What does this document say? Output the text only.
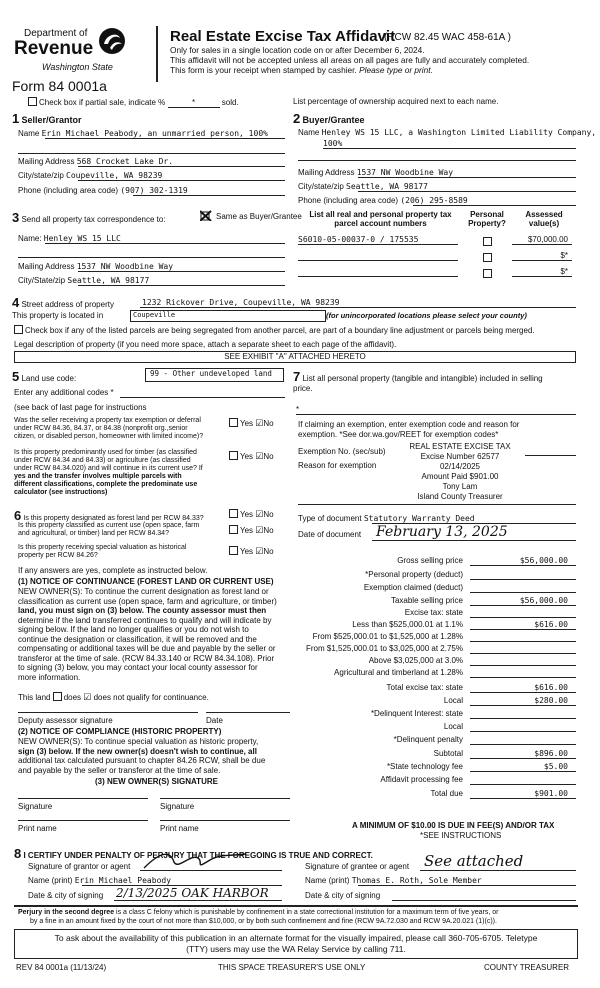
Department of
Revenue
Washington State
Form 84 0001a
Real Estate Excise Tax Affidavit
(RCW 82.45 WAC 458-61A )
Only for sales in a single location code on or after December 6, 2024.
This affidavit will not be accepted unless all areas on all pages are fully and accurately completed.
This form is your receipt when stamped by cashier. Please type or print.
Check box if partial sale, indicate %	*	sold.	List percentage of ownership acquired next to each name.
1 Seller/Grantor
Name Erin Michael Peabody, an unmarried person, 100%
Mailing Address 568 Crocket Lake Dr.
City/state/zip Coupeville, WA 98239
Phone (including area code) (907) 302-1319
2 Buyer/Grantee
Name Henley WS 15 LLC, a Washington Limited Liability Company,
100%
Mailing Address 1537 NW Woodbine Way
City/state/zip Seattle, WA 98177
Phone (including area code) (206) 295-8589
3 Send all property tax correspondence to:	Same as Buyer/Grantee
Name: Henley WS 15 LLC
Mailing Address 1537 NW Woodbine Way
City/State/zip Seattle, WA 98177
List all real and personal property tax
parcel account numbers
Personal
Property?
Assessed
value(s)
S6010-05-00037-0 / 175535	$70,000.00
$*
$*
4 Street address of property	1232 Rickover Drive, Coupeville, WA 98239
This property is located in	Coupeville	(for unincorporated locations please select your county)
Check box if any of the listed parcels are being segregated from another parcel, are part of a boundary line adjustment or parcels being merged.
Legal description of property (if you need more space, attach a separate sheet to each page of the affidavit).
SEE EXHIBIT "A" ATTACHED HERETO
5 Land use code:
99 - Other undeveloped land
Enter any additional codes *
(see back of last page for instructions
Was the seller receiving a property tax exemption or deferral
under RCW 84.36, 84.37, or 84.38 (nonprofit org.,senior
citizen, or disabled person, homeowner with limited income)?
Yes ☑No
Is this property predominantly used for timber (as classified
under RCW 84.34 and 84.33) or agriculture (as classified
under RCW 84.34.020) and will continue in its current use? If
yes and the transfer involves multiple parcels with
different classifications, complete the predominate use
calculator (see instructions)
Yes ☑No
6 Is this property designated as forest land per RCW 84.33?	Yes ☑No
Is this property classified as current use (open space, farm
and agricultural, or timber) land per RCW 84.34?	Yes ☑No
Is this property receiving special valuation as historical
property per RCW 84.26?	Yes ☑No
If any answers are yes, complete as instructed below.
(1) NOTICE OF CONTINUANCE (FOREST LAND OR CURRENT USE)
NEW OWNER(S): To continue the current designation as forest land or
classification as current use (open space, farm and agriculture, or timber)
land, you must sign on (3) below. The county assessor must then
determine if the land transferred continues to qualify and will indicate by
signing below. If the land no longer qualifies or you do not wish to
continue the designation or classification, it will be removed and the
compensating or additional taxes will be due and payable by the seller or
transferor at the time of sale. (RCW 84.33.140 or RCW 84.34.108). Prior
to signing (3) below, you may contact your local county assessor for
more information.
This land does ☑ does not qualify for continuance.
Deputy assessor signature	Date
(2) NOTICE OF COMPLIANCE (HISTORIC PROPERTY)
NEW OWNER(S): To continue special valuation as historic property,
sign (3) below. If the new owner(s) doesn't wish to continue, all
additional tax calculated pursuant to chapter 84.26 RCW, shall be due
and payable by the seller or transferor at the time of sale.
(3) NEW OWNER(S) SIGNATURE
Signature	Signature
Print name	Print name
7 List all personal property (tangible and intangible) included in selling
price.
*
If claiming an exemption, enter exemption code and reason for
exemption. *See dor.wa.gov/REET for exemption codes*
Exemption No. (sec/sub)
Reason for exemption
REAL ESTATE EXCISE TAX
Excise Number 62577
02/14/2025
Amount Paid $901.00
Tony Lam
Island County Treasurer
Type of document Statutory Warranty Deed
Date of document February 13, 2025
Gross selling price	$56,000.00
*Personal property (deduct)
Exemption claimed (deduct)
Taxable selling price	$56,000.00
Excise tax: state
Less than $525,000.01 at 1.1%	$616.00
From $525,000.01 to $1,525,000 at 1.28%
From $1,525,000.01 to $3,025,000 at 2.75%
Above $3,025,000 at 3.0%
Agricultural and timberland at 1.28%
Total excise tax: state	$616.00
Local	$280.00
*Delinquent Interest: state
Local
*Delinquent penalty
Subtotal	$896.00
*State technology fee	$5.00
Affidavit processing fee
Total due	$901.00
A MINIMUM OF $10.00 IS DUE IN FEE(S) AND/OR TAX
*SEE INSTRUCTIONS
8 I CERTIFY UNDER PENALTY OF PERJURY THAT THE FOREGOING IS TRUE AND CORRECT.
Signature of grantor or agent	Signature of grantee or agent See attached
Name (print) Erin Michael Peabody	Name (print) Thomas E. Roth, Sole Member
Date & city of signing 2/13/2025 OAK HARBOR	Date & city of signing
Perjury in the second degree is a class C felony which is punishable by confinement in a state correctional institution for a maximum term of five years, or
by a fine in an amount fixed by the court of not more than $10,000, or by both such confinement and fine (RCW 9A.72.030 and RCW 9A.20.021 (1)(c)).
To ask about the availability of this publication in an alternate format for the visually impaired, please call 360-705-6705. Teletype
(TTY) users may use the WA Relay Service by calling 711.
REV 84 0001a (11/13/24)	THIS SPACE TREASURER'S USE ONLY	COUNTY TREASURER
